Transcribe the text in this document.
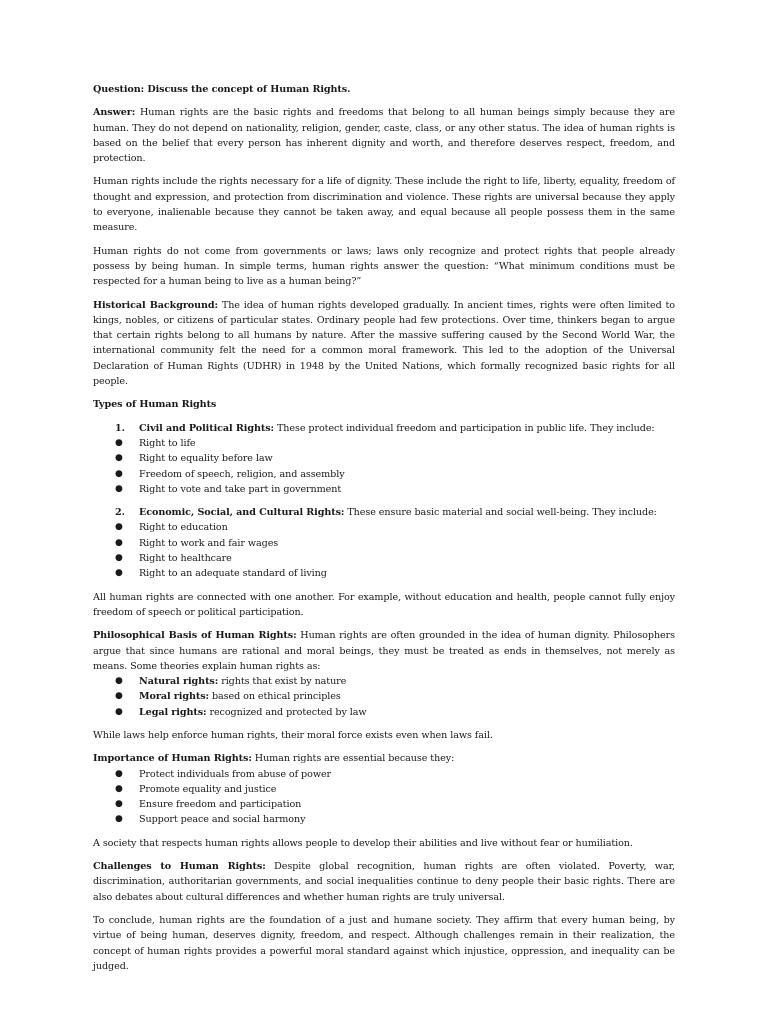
Question: Discuss the concept of Human Rights.

Answer: Human rights are the basic rights and freedoms that belong to all human beings simply because they are human. They do not depend on nationality, religion, gender, caste, class, or any other status. The idea of human rights is based on the belief that every person has inherent dignity and worth, and therefore deserves respect, freedom, and protection.

Human rights include the rights necessary for a life of dignity. These include the right to life, liberty, equality, freedom of thought and expression, and protection from discrimination and violence. These rights are universal because they apply to everyone, inalienable because they cannot be taken away, and equal because all people possess them in the same measure.

Human rights do not come from governments or laws; laws only recognize and protect rights that people already possess by being human. In simple terms, human rights answer the question: “What minimum conditions must be respected for a human being to live as a human being?”

Historical Background: The idea of human rights developed gradually. In ancient times, rights were often limited to kings, nobles, or citizens of particular states. Ordinary people had few protections. Over time, thinkers began to argue that certain rights belong to all humans by nature. After the massive suffering caused by the Second World War, the international community felt the need for a common moral framework. This led to the adoption of the Universal Declaration of Human Rights (UDHR) in 1948 by the United Nations, which formally recognized basic rights for all people.

Types of Human Rights

1. Civil and Political Rights: These protect individual freedom and participation in public life. They include:
● Right to life
● Right to equality before law
● Freedom of speech, religion, and assembly
● Right to vote and take part in government
2. Economic, Social, and Cultural Rights: These ensure basic material and social well-being. They include:
● Right to education
● Right to work and fair wages
● Right to healthcare
● Right to an adequate standard of living

All human rights are connected with one another. For example, without education and health, people cannot fully enjoy freedom of speech or political participation.

Philosophical Basis of Human Rights: Human rights are often grounded in the idea of human dignity. Philosophers argue that since humans are rational and moral beings, they must be treated as ends in themselves, not merely as means. Some theories explain human rights as:

● Natural rights: rights that exist by nature
● Moral rights: based on ethical principles
● Legal rights: recognized and protected by law

While laws help enforce human rights, their moral force exists even when laws fail.

Importance of Human Rights: Human rights are essential because they:

● Protect individuals from abuse of power
● Promote equality and justice
● Ensure freedom and participation
● Support peace and social harmony

A society that respects human rights allows people to develop their abilities and live without fear or humiliation.

Challenges to Human Rights: Despite global recognition, human rights are often violated. Poverty, war, discrimination, authoritarian governments, and social inequalities continue to deny people their basic rights. There are also debates about cultural differences and whether human rights are truly universal.

To conclude, human rights are the foundation of a just and humane society. They affirm that every human being, by virtue of being human, deserves dignity, freedom, and respect. Although challenges remain in their realization, the concept of human rights provides a powerful moral standard against which injustice, oppression, and inequality can be judged.
